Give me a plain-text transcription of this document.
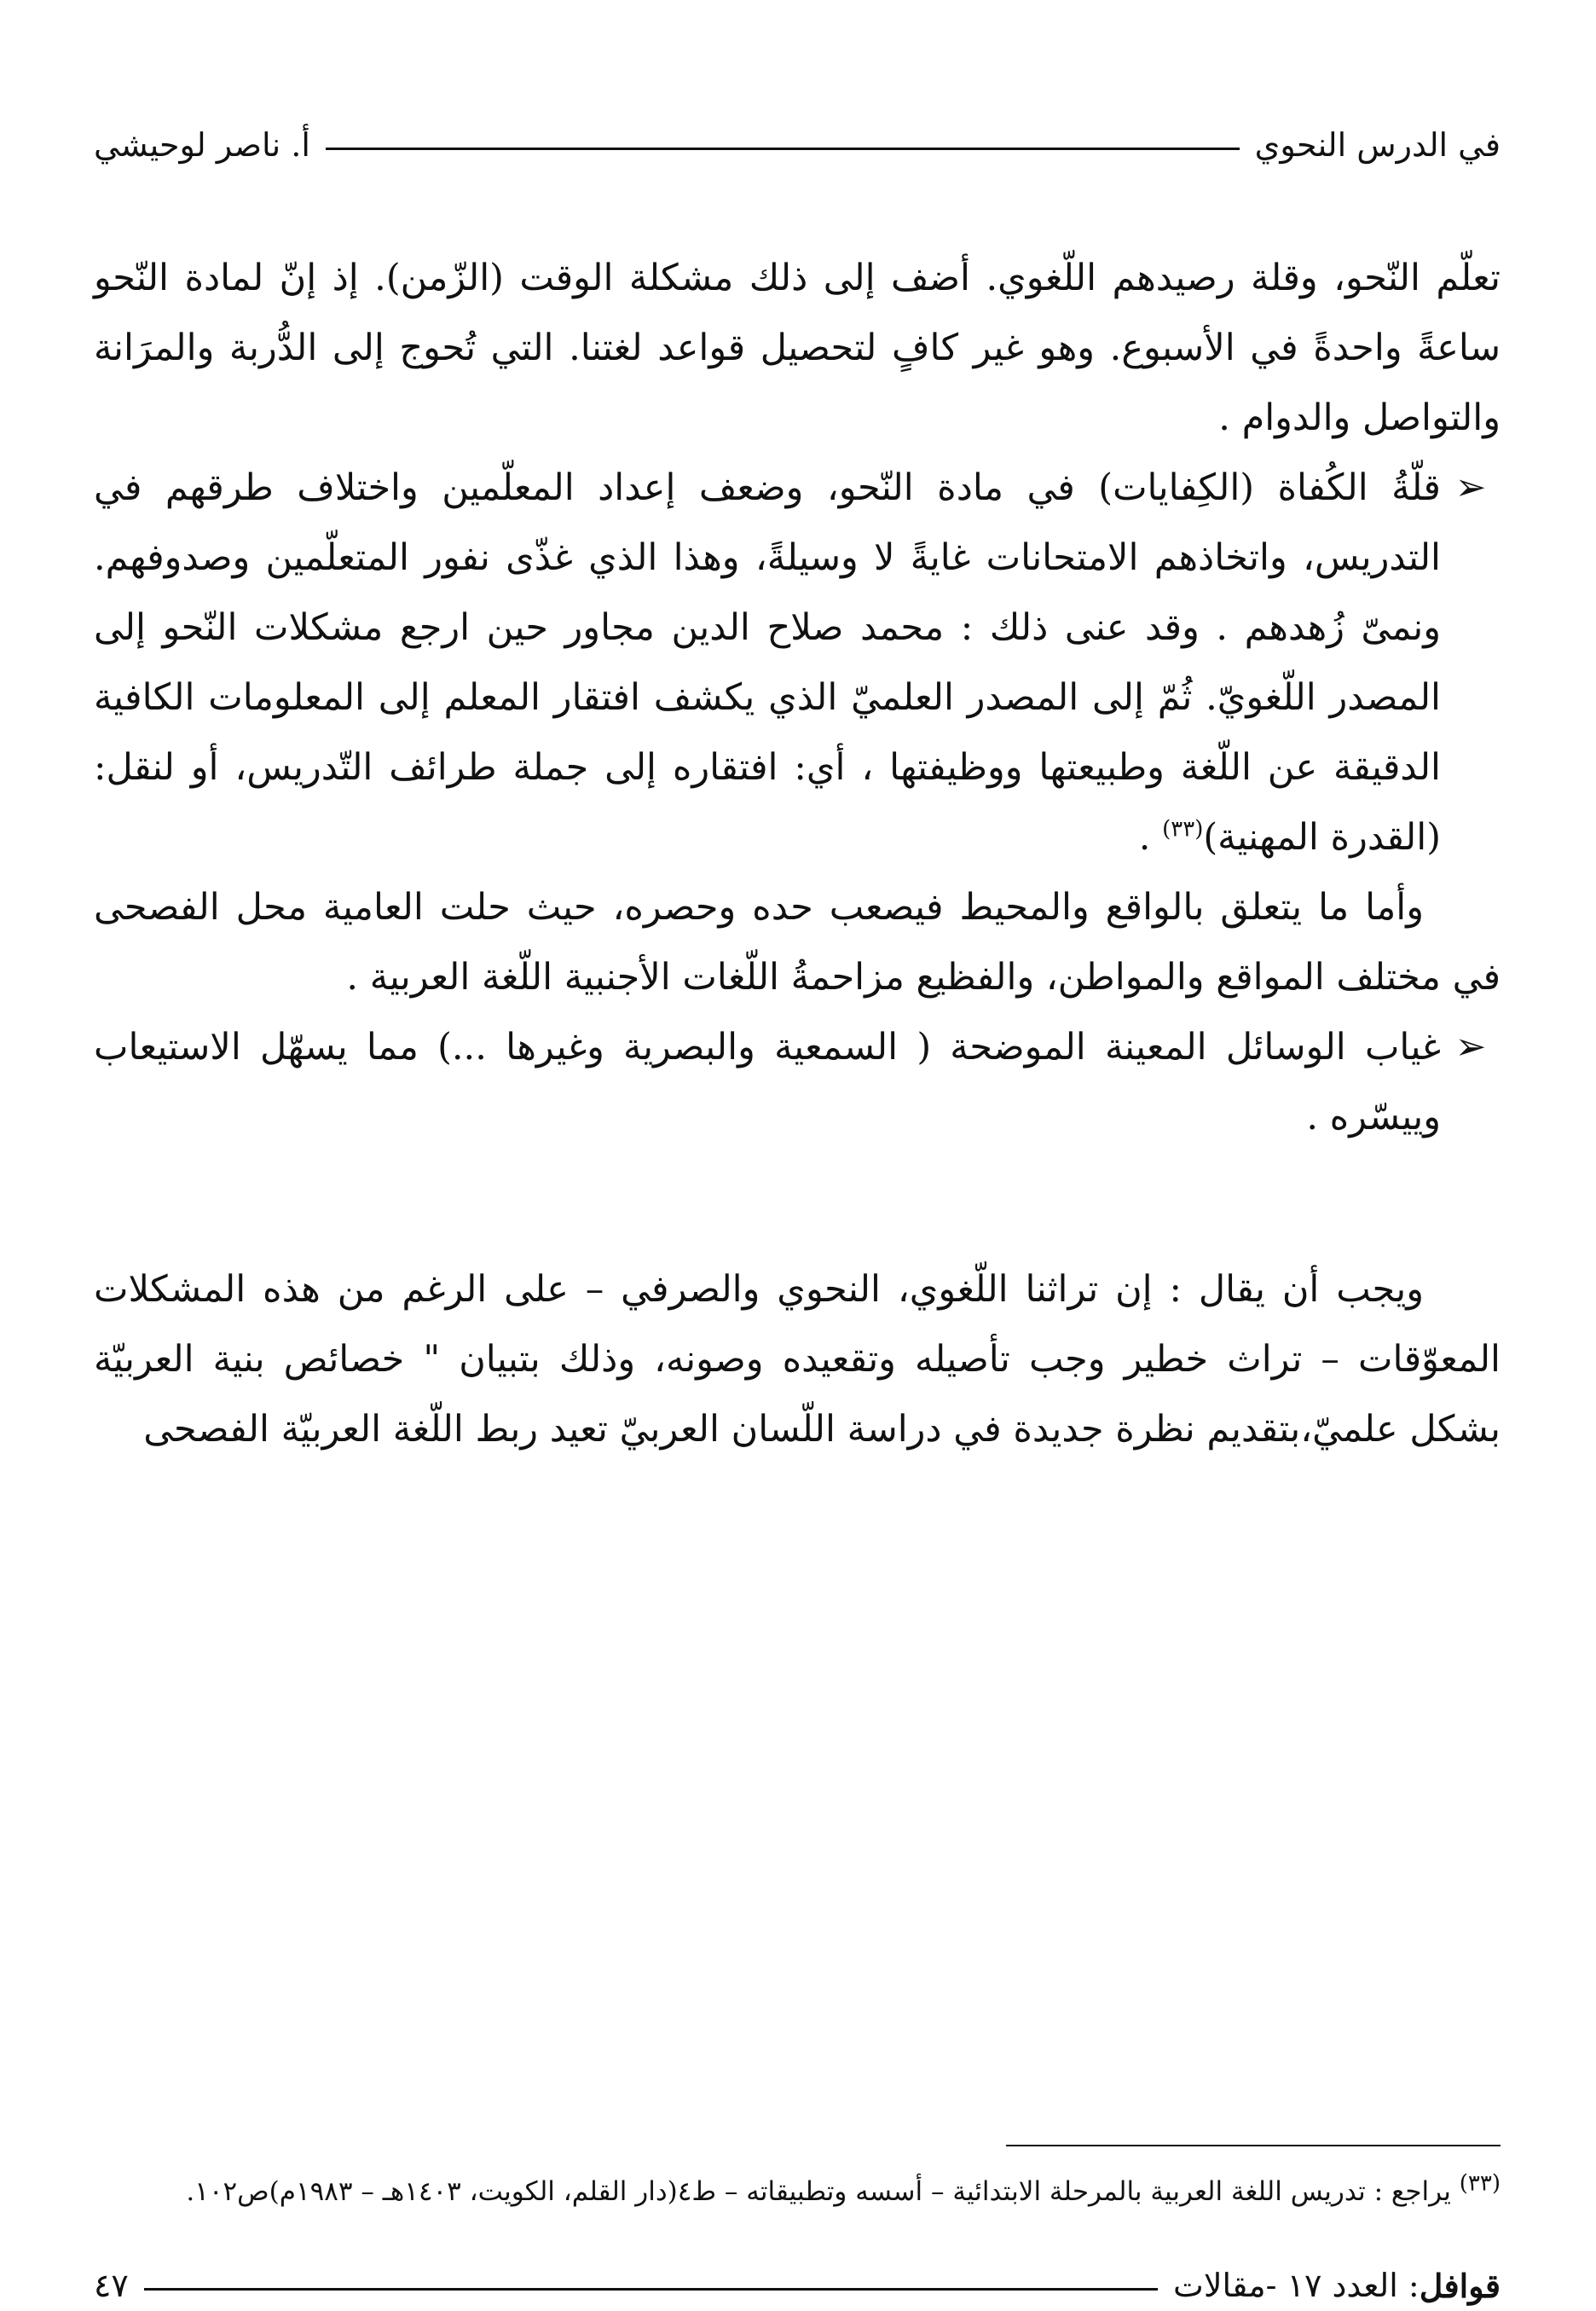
في الدرس النحوي
أ. ناصر لوحيشي

تعلّم النّحو، وقلة رصيدهم اللّغوي. أضف إلى ذلك مشكلة الوقت (الزّمن). إذ إنّ لمادة النّحو ساعةً واحدةً في الأسبوع. وهو غير كافٍ لتحصيل قواعد لغتنا. التي تُحوج إلى الدُّربة والمرَانة والتواصل والدوام .

➢
قلّةُ الكُفاة (الكِفايات) في مادة النّحو، وضعف إعداد المعلّمين واختلاف طرقهم في التدريس، واتخاذهم الامتحانات غايةً لا وسيلةً، وهذا الذي غذّى نفور المتعلّمين وصدوفهم. ونمىّ زُهدهم . وقد عنى ذلك : محمد صلاح الدين مجاور حين ارجع مشكلات النّحو إلى المصدر اللّغويّ. ثُمّ إلى المصدر العلميّ الذي يكشف افتقار المعلم إلى المعلومات الكافية الدقيقة عن اللّغة وطبيعتها ووظيفتها ، أي: افتقاره إلى جملة طرائف التّدريس، أو لنقل: (القدرة المهنية)$^{(٣٣)}$ .

وأما ما يتعلق بالواقع والمحيط فيصعب حده وحصره، حيث حلت العامية محل الفصحى في مختلف المواقع والمواطن، والفظيع مزاحمةُ اللّغات الأجنبية اللّغة العربية .

➢
غياب الوسائل المعينة الموضحة ( السمعية والبصرية وغيرها ...) مما يسهّل الاستيعاب وييسّره .

ويجب أن يقال : إن تراثنا اللّغوي، النحوي والصرفي – على الرغم من هذه المشكلات المعوّقات – تراث خطير وجب تأصيله وتقعيده وصونه، وذلك بتبيان " خصائص بنية العربيّة بشكل علميّ،بتقديم نظرة جديدة في دراسة اللّسان العربيّ تعيد ربط اللّغة العربيّة الفصحى

$^{(٣٣)}$ يراجع : تدريس اللغة العربية بالمرحلة الابتدائية – أسسه وتطبيقاته – ط٤(دار القلم، الكويت، ١٤٠٣هـ – ١٩٨٣م)ص١٠٢.
قوافل
: العدد ١٧ -مقالات
٤٧
